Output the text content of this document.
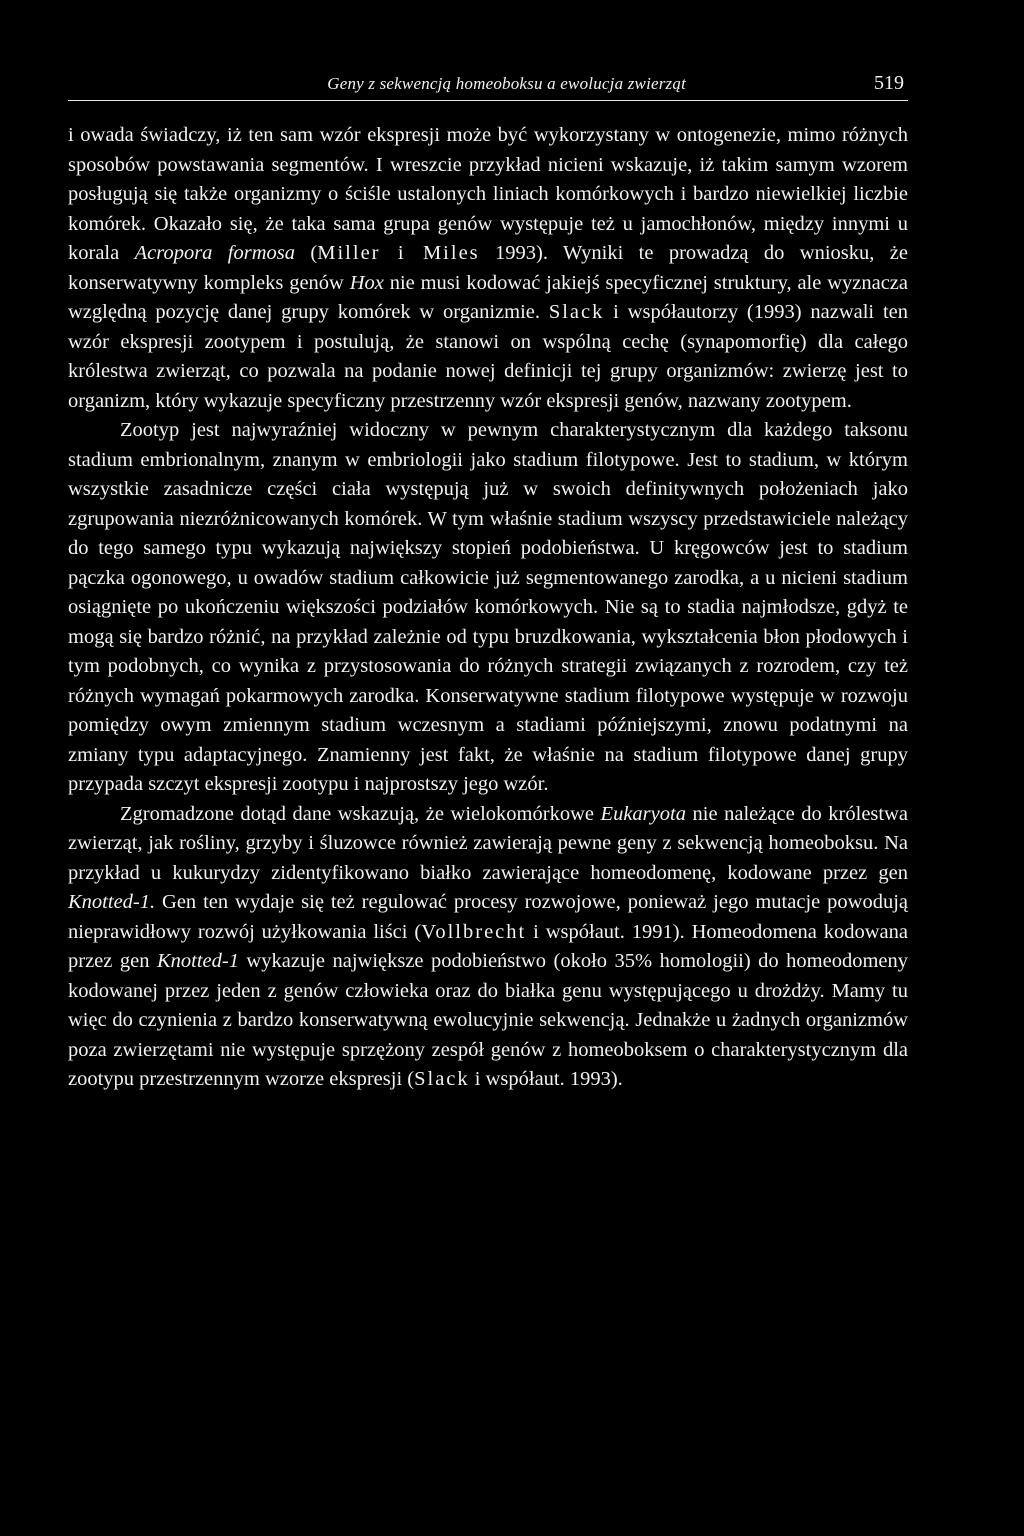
Geny z sekwencją homeoboksu a ewolucja zwierząt	519

i owada świadczy, iż ten sam wzór ekspresji może być wykorzystany w ontogenezie, mimo różnych sposobów powstawania segmentów. I wreszcie przykład nicieni wskazuje, iż takim samym wzorem posługują się także organizmy o ściśle ustalonych liniach komórkowych i bardzo niewielkiej liczbie komórek. Okazało się, że taka sama grupa genów występuje też u jamochłonów, między innymi u korala Acropora formosa (Miller i Miles 1993). Wyniki te prowadzą do wniosku, że konserwatywny kompleks genów Hox nie musi kodować jakiejś specyficznej struktury, ale wyznacza względną pozycję danej grupy komórek w organizmie. Slack i współautorzy (1993) nazwali ten wzór ekspresji zootypem i postulują, że stanowi on wspólną cechę (synapomorfię) dla całego królestwa zwierząt, co pozwala na podanie nowej definicji tej grupy organizmów: zwierzę jest to organizm, który wykazuje specyficzny przestrzenny wzór ekspresji genów, nazwany zootypem.

Zootyp jest najwyraźniej widoczny w pewnym charakterystycznym dla każdego taksonu stadium embrionalnym, znanym w embriologii jako stadium filotypowe. Jest to stadium, w którym wszystkie zasadnicze części ciała występują już w swoich definitywnych położeniach jako zgrupowania niezróżnicowanych komórek. W tym właśnie stadium wszyscy przedstawiciele należący do tego samego typu wykazują największy stopień podobieństwa. U kręgowców jest to stadium pączka ogonowego, u owadów stadium całkowicie już segmentowanego zarodka, a u nicieni stadium osiągnięte po ukończeniu większości podziałów komórkowych. Nie są to stadia najmłodsze, gdyż te mogą się bardzo różnić, na przykład zależnie od typu bruzdkowania, wykształcenia błon płodowych i tym podobnych, co wynika z przystosowania do różnych strategii związanych z rozrodem, czy też różnych wymagań pokarmowych zarodka. Konserwatywne stadium filotypowe występuje w rozwoju pomiędzy owym zmiennym stadium wczesnym a stadiami późniejszymi, znowu podatnymi na zmiany typu adaptacyjnego. Znamienny jest fakt, że właśnie na stadium filotypowe danej grupy przypada szczyt ekspresji zootypu i najprostszy jego wzór.

Zgromadzone dotąd dane wskazują, że wielokomórkowe Eukaryota nie należące do królestwa zwierząt, jak rośliny, grzyby i śluzowce również zawierają pewne geny z sekwencją homeoboksu. Na przykład u kukurydzy zidentyfikowano białko zawierające homeodomenę, kodowane przez gen Knotted-1. Gen ten wydaje się też regulować procesy rozwojowe, ponieważ jego mutacje powodują nieprawidłowy rozwój użyłkowania liści (Vollbrecht i współaut. 1991). Homeodomena kodowana przez gen Knotted-1 wykazuje największe podobieństwo (około 35% homologii) do homeodomeny kodowanej przez jeden z genów człowieka oraz do białka genu występującego u drożdży. Mamy tu więc do czynienia z bardzo konserwatywną ewolucyjnie sekwencją. Jednakże u żadnych organizmów poza zwierzętami nie występuje sprzężony zespół genów z homeoboksem o charakterystycznym dla zootypu przestrzennym wzorze ekspresji (Slack i współaut. 1993).
